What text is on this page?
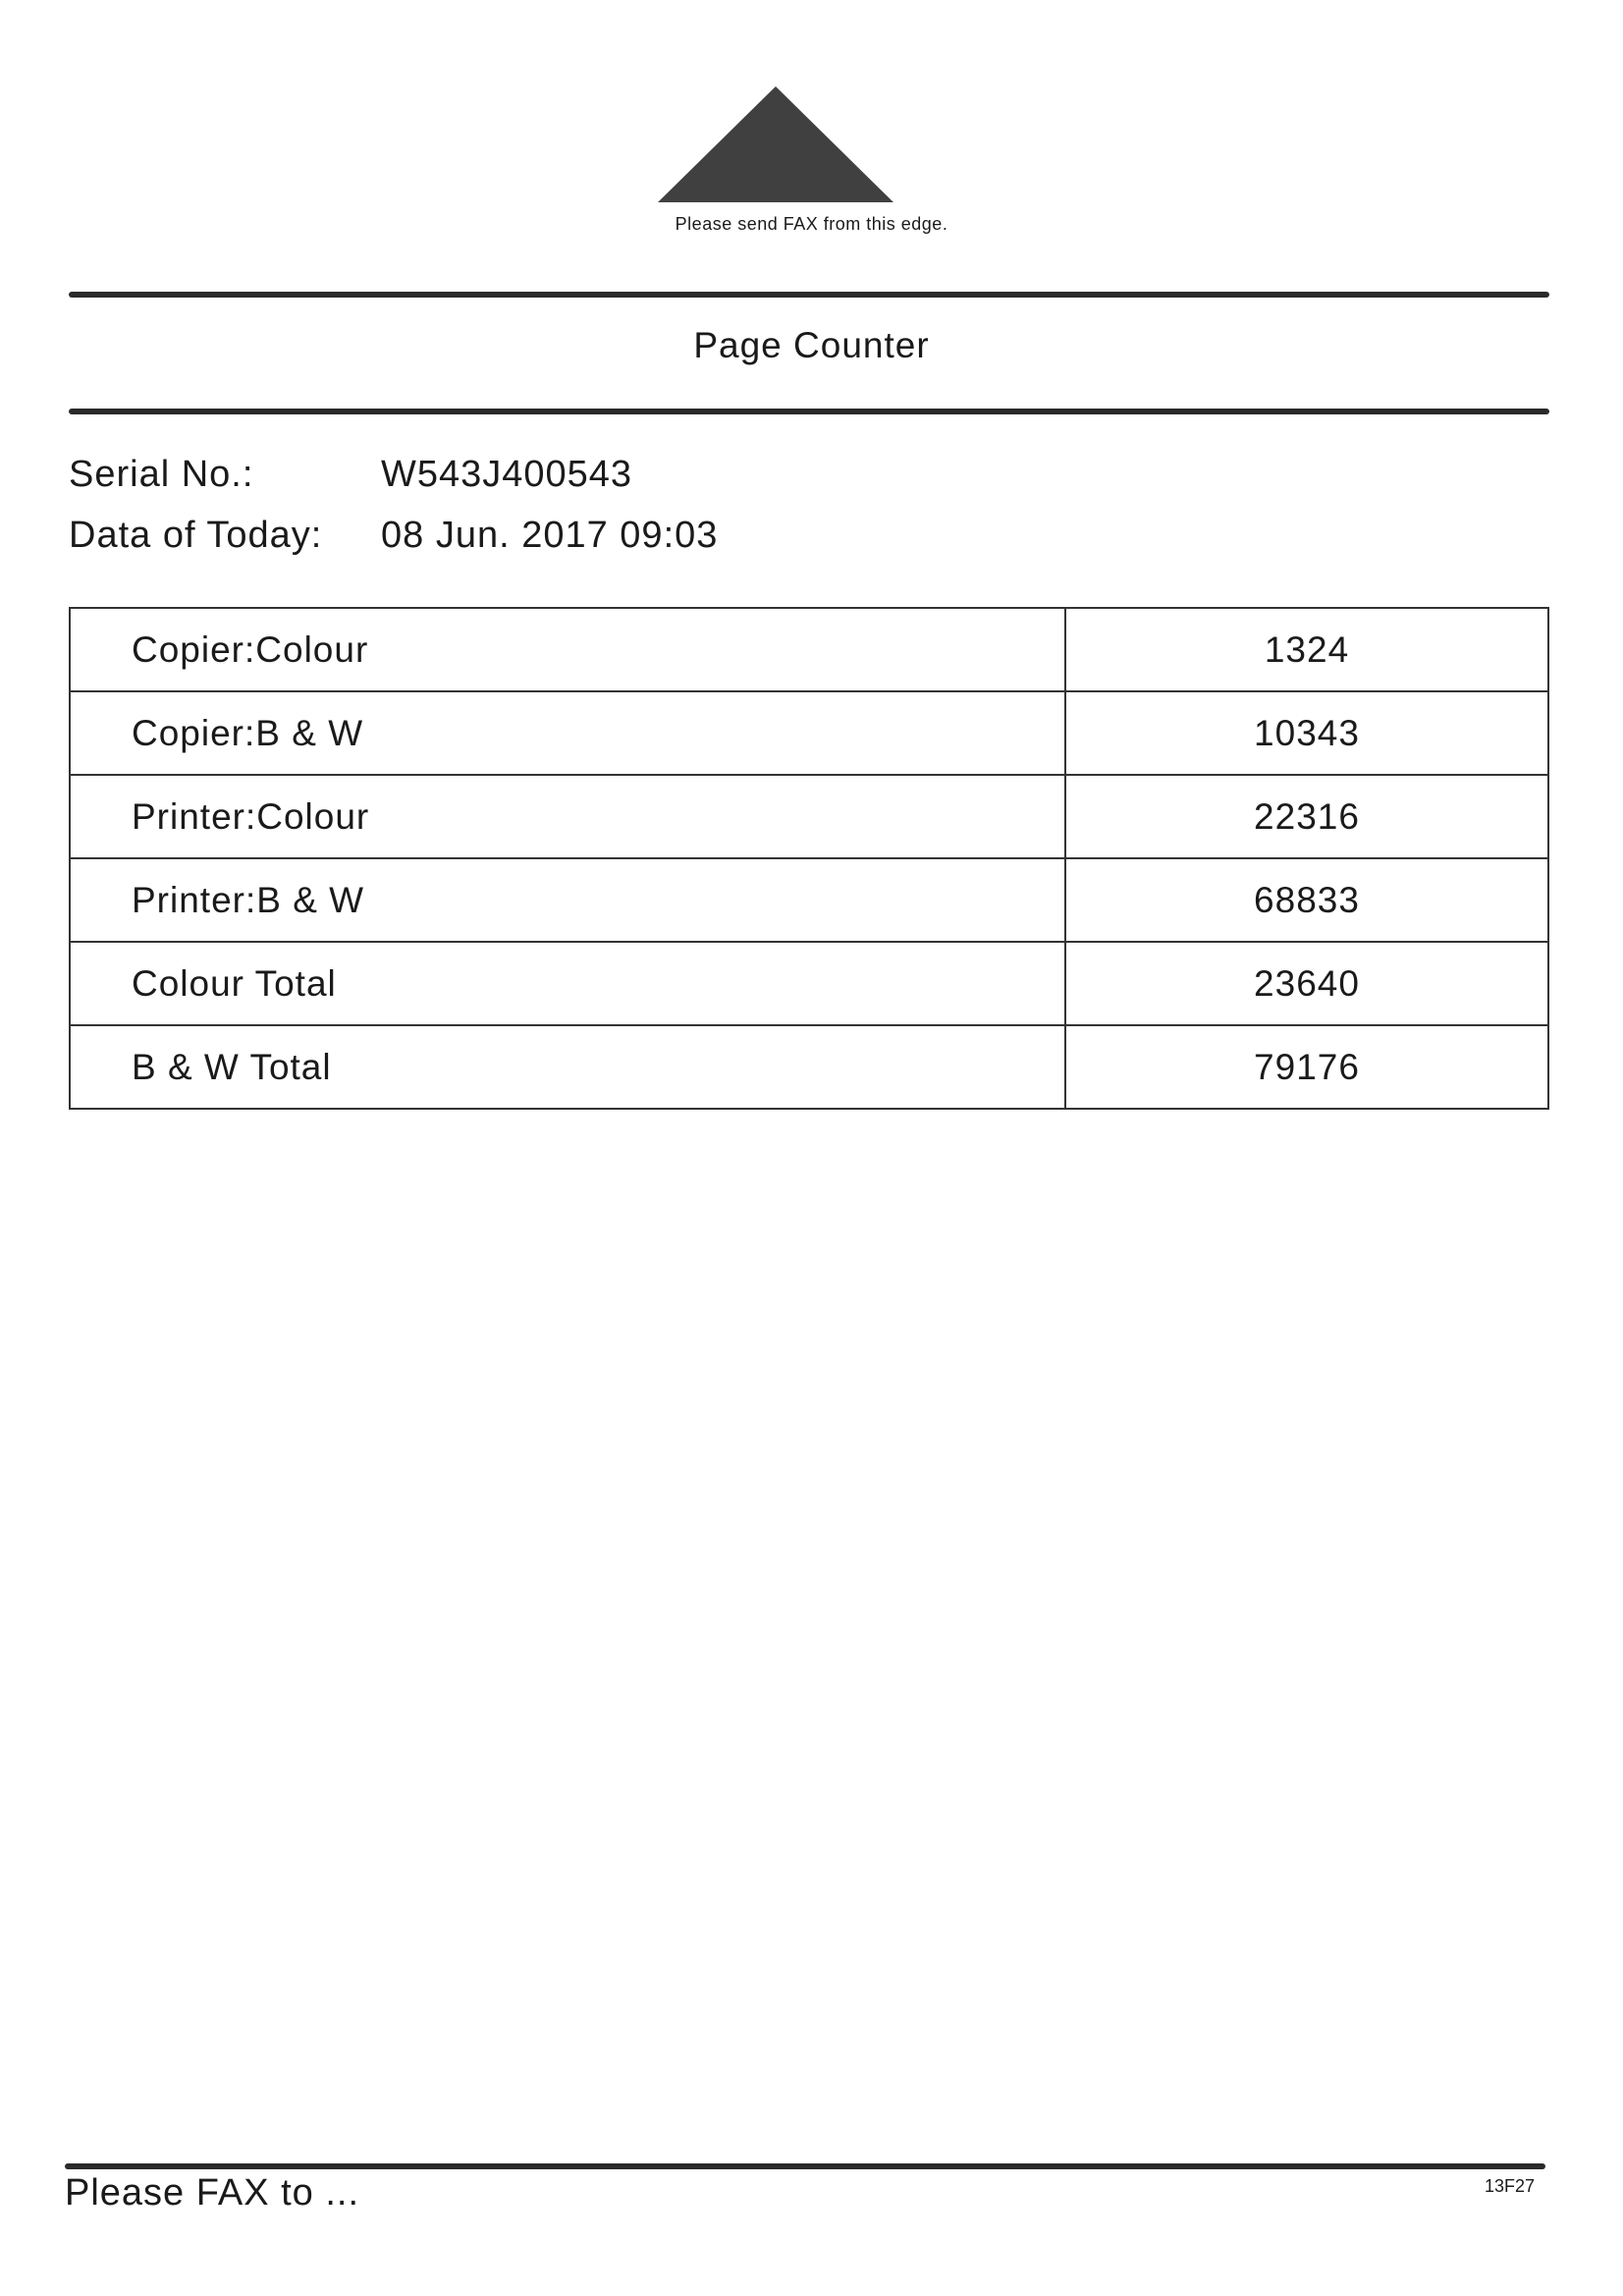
Please send FAX from this edge.
Page Counter
Serial No.:	W543J400543
Data of Today: 08 Jun. 2017 09:03
Copier:Colour	1324
Copier:B & W	10343
Printer:Colour	22316
Printer:B & W	68833
Colour Total	23640
B & W Total	79176
Please FAX to ...	13F27
